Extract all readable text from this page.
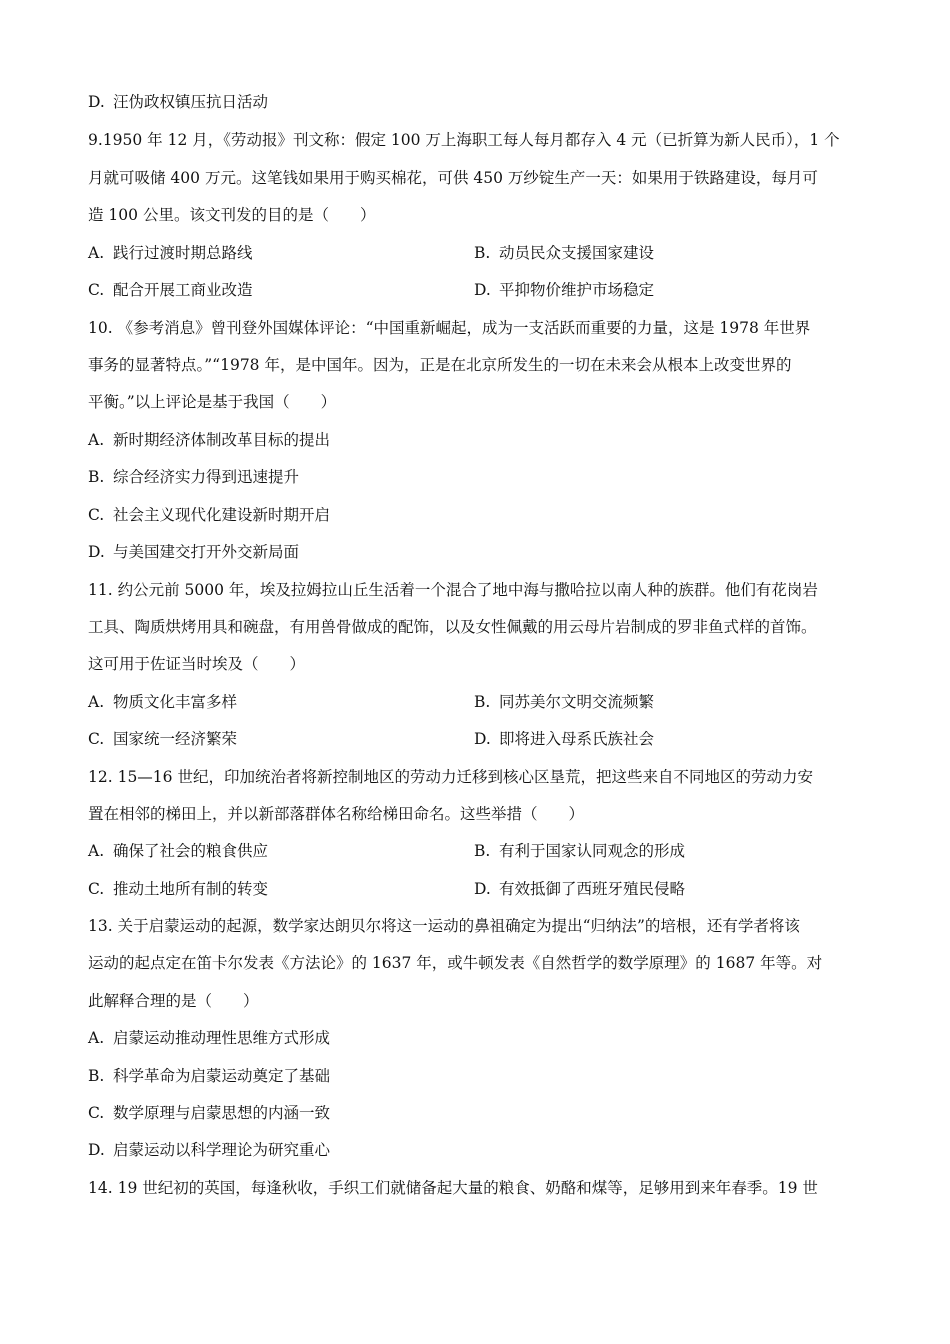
D. 汪伪政权镇压抗日活动
9.1950 年 12 月，《劳动报》刊文称：假定 100 万上海职工每人每月都存入 4 元（已折算为新人民币），1 个
月就可吸储 400 万元。这笔钱如果用于购买棉花，可供 450 万纱锭生产一天：如果用于铁路建设，每月可
造 100 公里。该文刊发的目的是（　　）
A. 践行过渡时期总路线	B. 动员民众支援国家建设
C. 配合开展工商业改造	D. 平抑物价维护市场稳定
10. 《参考消息》曾刊登外国媒体评论：“中国重新崛起，成为一支活跃而重要的力量，这是 1978 年世界
事务的显著特点。”“1978 年，是中国年。因为，正是在北京所发生的一切在未来会从根本上改变世界的
平衡。”以上评论是基于我国（　　）
A. 新时期经济体制改革目标的提出
B. 综合经济实力得到迅速提升
C. 社会主义现代化建设新时期开启
D. 与美国建交打开外交新局面
11. 约公元前 5000 年，埃及拉姆拉山丘生活着一个混合了地中海与撒哈拉以南人种的族群。他们有花岗岩
工具、陶质烘烤用具和碗盘，有用兽骨做成的配饰，以及女性佩戴的用云母片岩制成的罗非鱼式样的首饰。
这可用于佐证当时埃及（　　）
A. 物质文化丰富多样	B. 同苏美尔文明交流频繁
C. 国家统一经济繁荣	D. 即将进入母系氏族社会
12. 15—16 世纪，印加统治者将新控制地区的劳动力迁移到核心区垦荒，把这些来自不同地区的劳动力安
置在相邻的梯田上，并以新部落群体名称给梯田命名。这些举措（　　）
A. 确保了社会的粮食供应	B. 有利于国家认同观念的形成
C. 推动土地所有制的转变	D. 有效抵御了西班牙殖民侵略
13. 关于启蒙运动的起源，数学家达朗贝尔将这一运动的鼻祖确定为提出“归纳法”的培根，还有学者将该
运动的起点定在笛卡尔发表《方法论》的 1637 年，或牛顿发表《自然哲学的数学原理》的 1687 年等。对
此解释合理的是（　　）
A. 启蒙运动推动理性思维方式形成
B. 科学革命为启蒙运动奠定了基础
C. 数学原理与启蒙思想的内涵一致
D. 启蒙运动以科学理论为研究重心
14. 19 世纪初的英国，每逢秋收，手织工们就储备起大量的粮食、奶酪和煤等，足够用到来年春季。19 世
